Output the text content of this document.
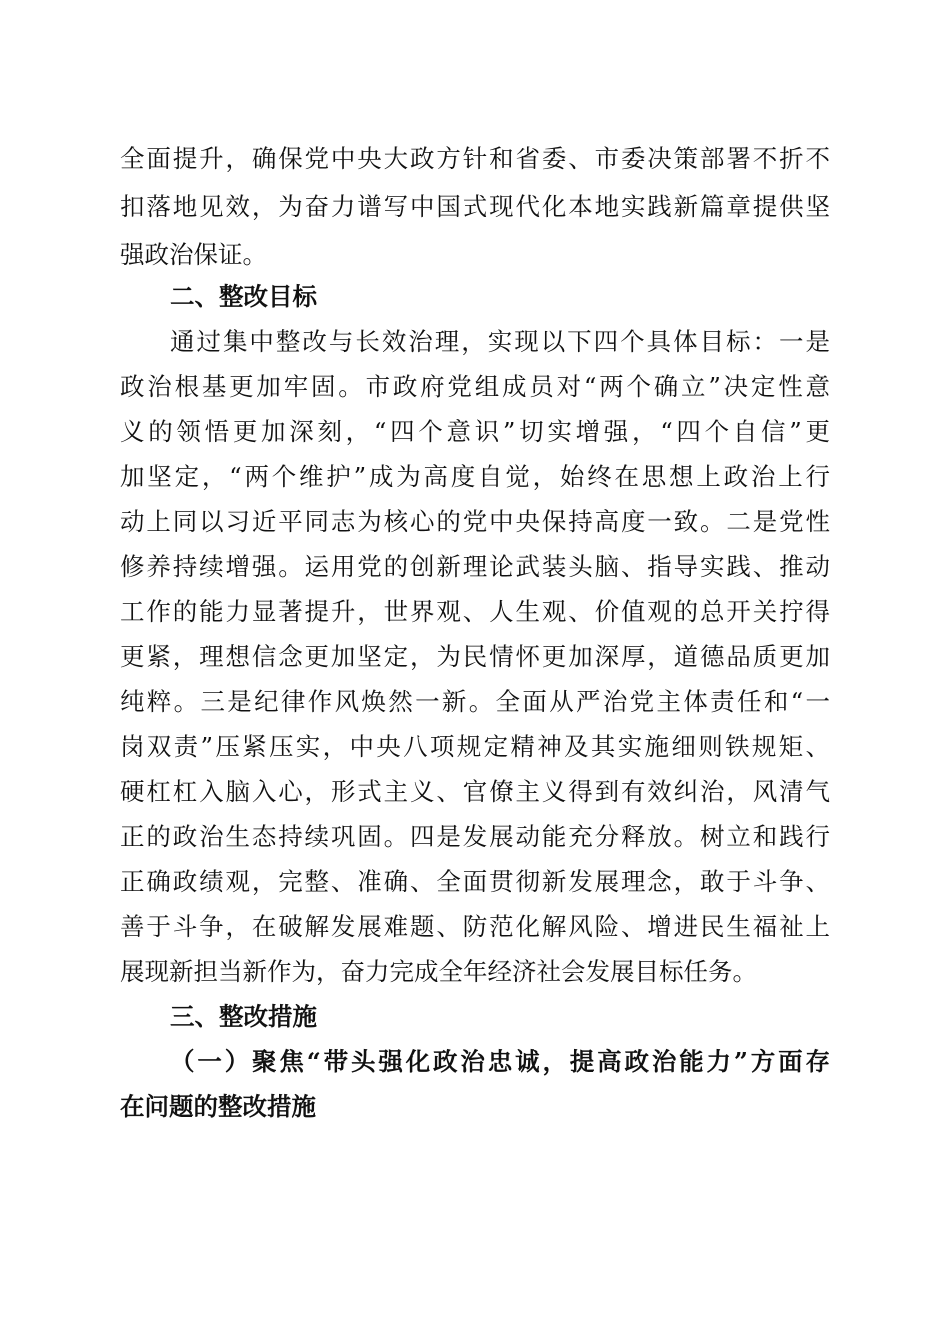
全面提升，确保党中央大政方针和省委、市委决策部署不折不

扣落地见效，为奋力谱写中国式现代化本地实践新篇章提供坚

强政治保证。

二、整改目标

通过集中整改与长效治理，实现以下四个具体目标：一是

政治根基更加牢固。市政府党组成员对“两个确立”决定性意

义的领悟更加深刻，“四个意识”切实增强，“四个自信”更

加坚定，“两个维护”成为高度自觉，始终在思想上政治上行

动上同以习近平同志为核心的党中央保持高度一致。二是党性

修养持续增强。运用党的创新理论武装头脑、指导实践、推动

工作的能力显著提升，世界观、人生观、价值观的总开关拧得

更紧，理想信念更加坚定，为民情怀更加深厚，道德品质更加

纯粹。三是纪律作风焕然一新。全面从严治党主体责任和“一

岗双责”压紧压实，中央八项规定精神及其实施细则铁规矩、

硬杠杠入脑入心，形式主义、官僚主义得到有效纠治，风清气

正的政治生态持续巩固。四是发展动能充分释放。树立和践行

正确政绩观，完整、准确、全面贯彻新发展理念，敢于斗争、

善于斗争，在破解发展难题、防范化解风险、增进民生福祉上

展现新担当新作为，奋力完成全年经济社会发展目标任务。

三、整改措施

（一）聚焦“带头强化政治忠诚，提高政治能力”方面存

在问题的整改措施
